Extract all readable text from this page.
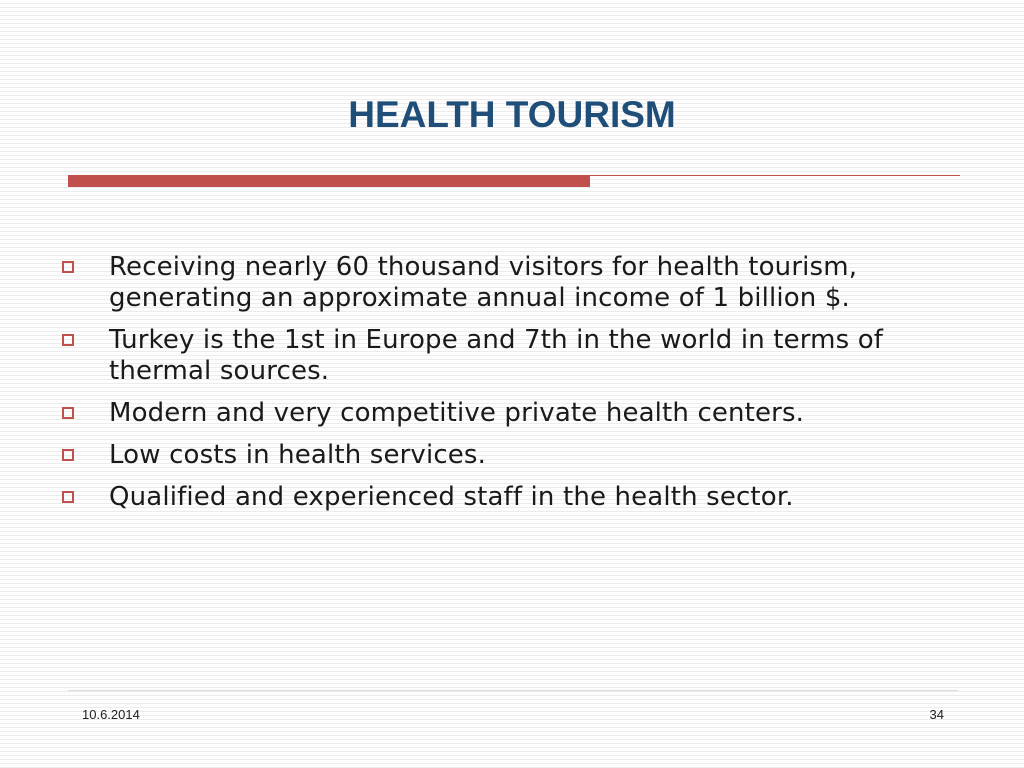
HEALTH TOURISM
Receiving nearly 60 thousand visitors for health tourism, generating an approximate annual income of 1 billion $.
Turkey is the 1st in Europe and 7th in the world in terms of thermal sources.
Modern and very competitive private health centers.
Low costs in health services.
Qualified and experienced staff in the health sector.
10.6.2014	34
